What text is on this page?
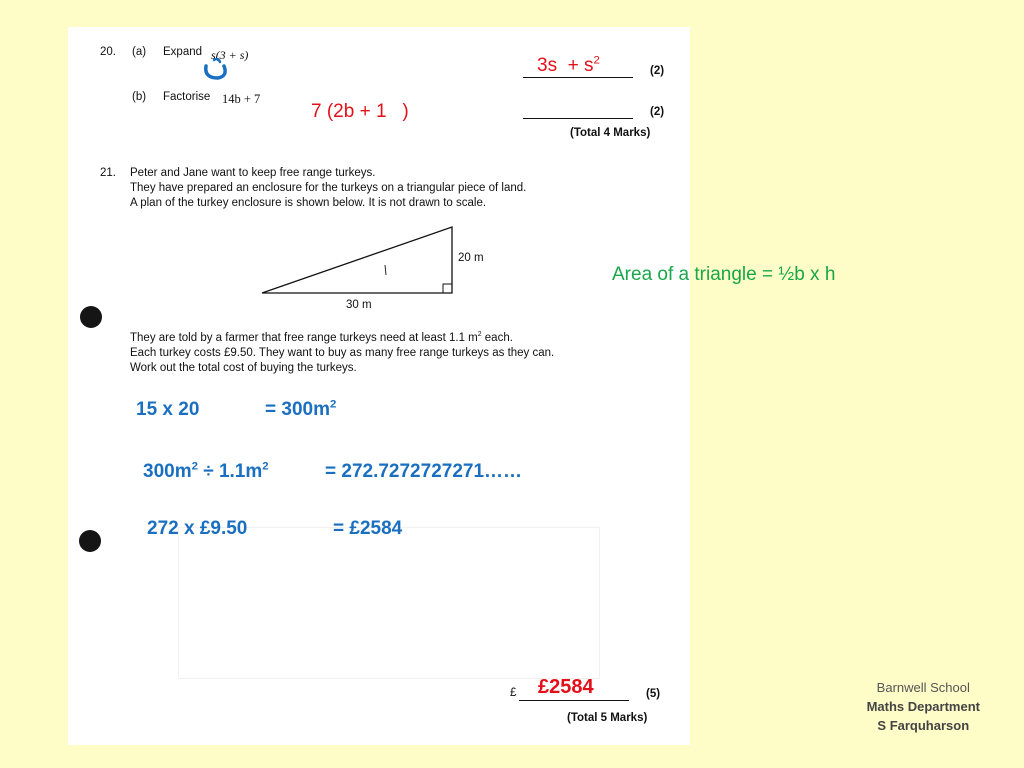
20. (a) Expand s(3 + s)
(2)
(b) Factorise 14b + 7
(2)
(Total 4 Marks)
21. Peter and Jane want to keep free range turkeys.
They have prepared an enclosure for the turkeys on a triangular piece of land.
A plan of the turkey enclosure is shown below. It is not drawn to scale.
20 m
30 m
They are told by a farmer that free range turkeys need at least 1.1 $m^2$ each.
Each turkey costs £9.50. They want to buy as many free range turkeys as they can.
Work out the total cost of buying the turkeys.
£	(5)
(Total 5 Marks)
$3s + s^2$
7 (2b + 1 )
Area of a triangle = ½b x h
15 x 20	= $300m^2$
$300m^2 \div 1.1m^2$	= 272.7272727271……
272 x £9.50	= £2584
£2584	Barnwell School
Maths Department
S Farquharson
